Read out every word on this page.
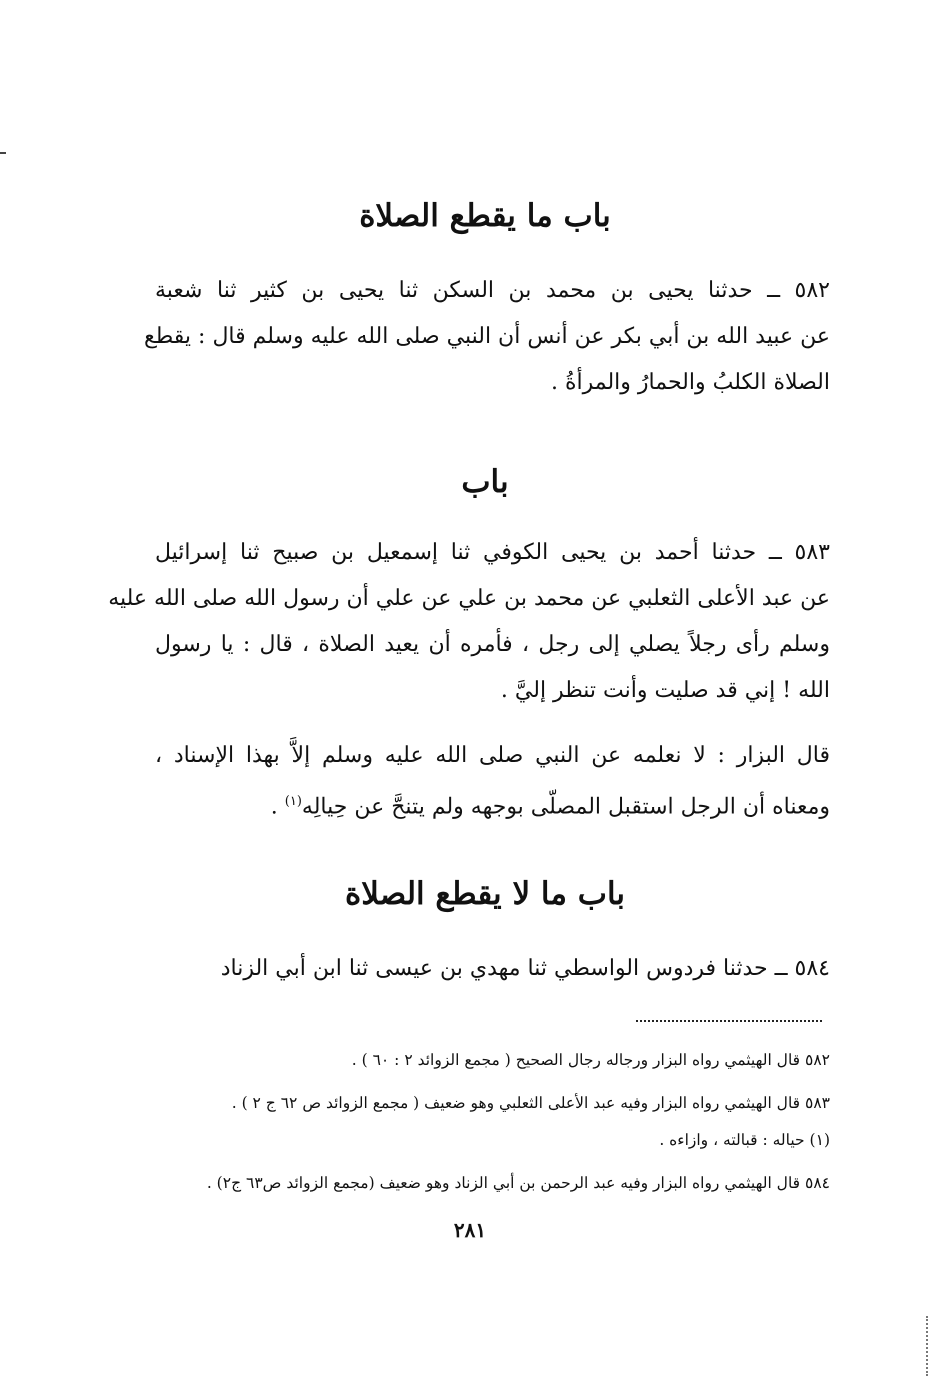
باب ما يقطع الصلاة
٥٨٢ ــ حدثنا يحيى بن محمد بن السكن ثنا يحيى بن كثير ثنا شعبة
عن عبيد الله بن أبي بكر عن أنس أن النبي صلى الله عليه وسلم قال : يقطع
الصلاة الكلبُ والحمارُ والمرأةُ .
باب
٥٨٣ ــ حدثنا أحمد بن يحيى الكوفي ثنا إسمعيل بن صبيح ثنا إسرائيل
عن عبد الأعلى الثعلبي عن محمد بن علي عن علي أن رسول الله صلى الله عليه
وسلم رأى رجلاً يصلي إلى رجل ، فأمره أن يعيد الصلاة ، قال : يا رسول
الله ! إني قد صليت وأنت تنظر إليَّ .
قال البزار : لا نعلمه عن النبي صلى الله عليه وسلم إلاَّ بهذا الإسناد ،
ومعناه أن الرجل استقبل المصلّى بوجهه ولم يتنحَّ عن حِيالِه$^{(١)}$ .
باب ما لا يقطع الصلاة
٥٨٤ ــ حدثنا فردوس الواسطي ثنا مهدي بن عيسى ثنا ابن أبي الزناد
٥٨٢ قال الهيثمي رواه البزار ورجاله رجال الصحيح ( مجمع الزوائد ٢ : ٦٠ ) .
٥٨٣ قال الهيثمي رواه البزار وفيه عبد الأعلى الثعلبي وهو ضعيف ( مجمع الزوائد ص ٦٢ ج ٢ ) .
(١) حياله : قبالته ، وازاءه .
٥٨٤ قال الهيثمي رواه البزار وفيه عبد الرحمن بن أبي الزناد وهو ضعيف (مجمع الزوائد ص٦٣ ج٢) .
٢٨١
